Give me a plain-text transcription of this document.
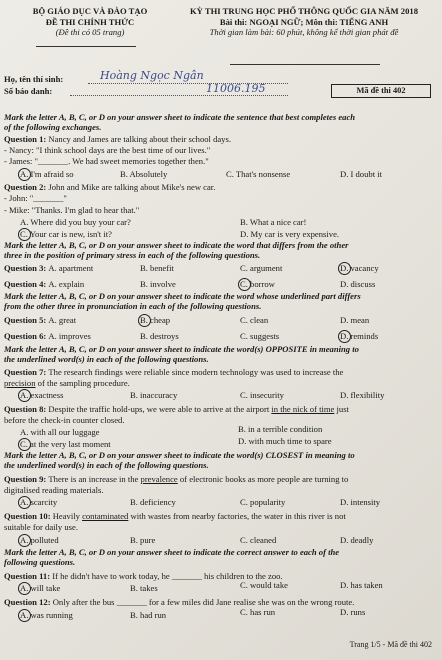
BỘ GIÁO DỤC VÀ ĐÀO TẠO
ĐỀ THI CHÍNH THỨC
(Đề thi có 05 trang)
KỲ THI TRUNG HỌC PHỔ THÔNG QUỐC GIA NĂM 2018
Bài thi: NGOẠI NGỮ; Môn thi: TIẾNG ANH
Thời gian làm bài: 60 phút, không kể thời gian phát đề
Họ, tên thí sinh:	Hoàng Ngọc Ngân
Số báo danh:	11006.195	Mã đề thi 402
Mark the letter A, B, C, or D on your answer sheet to indicate the sentence that best completes each
of the following exchanges.
Question 1: Nancy and James are talking about their school days.
- Nancy: "I think school days are the best time of our lives."
- James: "_______. We had sweet memories together then."
A. I'm afraid so	B. Absolutely	C. That's nonsense	D. I doubt it
Question 2: John and Mike are talking about Mike's new car.
- John: "_______"
- Mike: "Thanks. I'm glad to hear that."
A. Where did you buy your car?	B. What a nice car!
C. Your car is new, isn't it?	D. My car is very expensive.
Mark the letter A, B, C, or D on your answer sheet to indicate the word that differs from the other
three in the position of primary stress in each of the following questions.
Question 3: A. apartment	B. benefit	C. argument	D. vacancy
Question 4: A. explain	B. involve	C. borrow	D. discuss
Mark the letter A, B, C, or D on your answer sheet to indicate the word whose underlined part differs
from the other three in pronunciation in each of the following questions.
Question 5: A. great	B. cheap	C. clean	D. mean
Question 6: A. improves	B. destroys	C. suggests	D. reminds
Mark the letter A, B, C, or D on your answer sheet to indicate the word(s) OPPOSITE in meaning to
the underlined word(s) in each of the following questions.
Question 7: The research findings were reliable since modern technology was used to increase the
precision of the sampling procedure.
A. exactness	B. inaccuracy	C. insecurity	D. flexibility
Question 8: Despite the traffic hold-ups, we were able to arrive at the airport in the nick of time just
before the check-in counter closed.
A. with all our luggage	B. in a terrible condition
C. at the very last moment	D. with much time to spare
Mark the letter A, B, C, or D on your answer sheet to indicate the word(s) CLOSEST in meaning to
the underlined word(s) in each of the following questions.
Question 9: There is an increase in the prevalence of electronic books as more people are turning to
digitalised reading materials.
A. scarcity	B. deficiency	C. popularity	D. intensity
Question 10: Heavily contaminated with wastes from nearby factories, the water in this river is not
suitable for daily use.
A. polluted	B. pure	C. cleaned	D. deadly
Mark the letter A, B, C, or D on your answer sheet to indicate the correct answer to each of the
following questions.
Question 11: If he didn't have to work today, he _______ his children to the zoo.
A. will take	B. takes	C. would take	D. has taken
Question 12: Only after the bus _______ for a few miles did Jane realise she was on the wrong route.
A. was running	B. had run	C. has run	D. runs
Trang 1/5 - Mã đề thi 402
